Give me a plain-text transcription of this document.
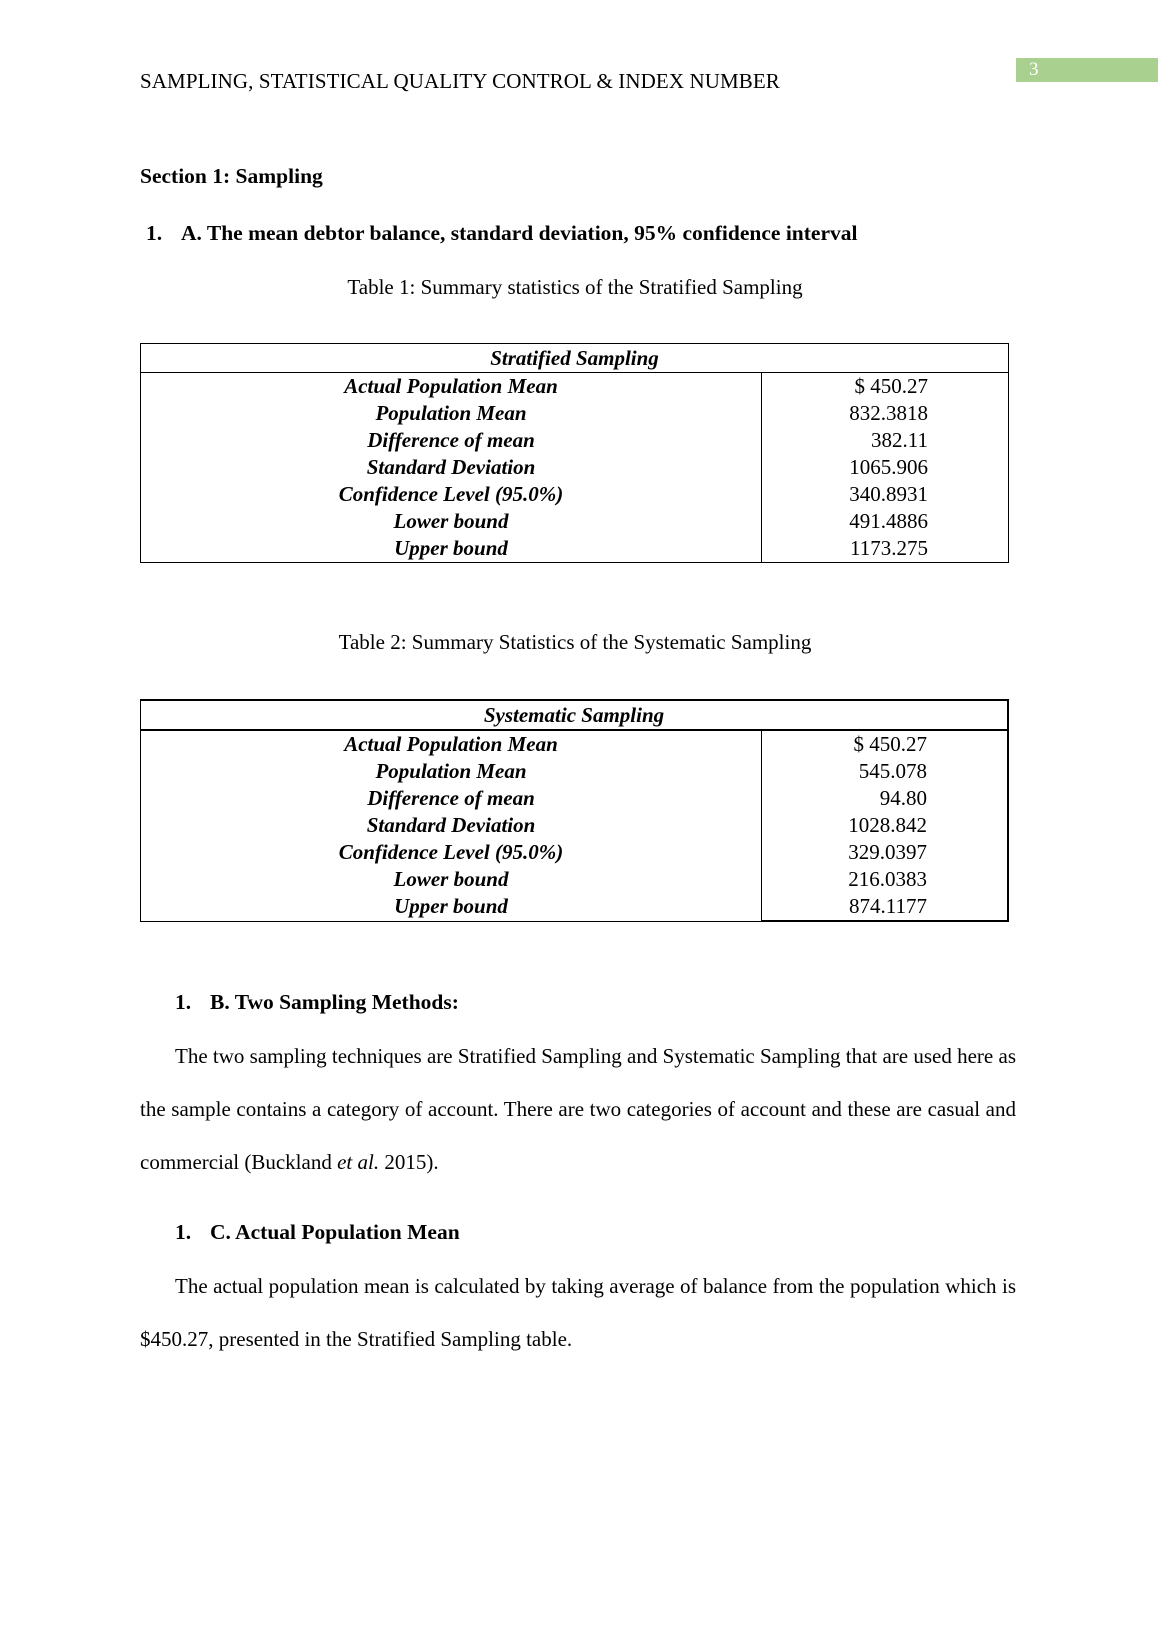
3
SAMPLING, STATISTICAL QUALITY CONTROL & INDEX NUMBER
Section 1: Sampling
1. A. The mean debtor balance, standard deviation, 95% confidence interval
Table 1: Summary statistics of the Stratified Sampling
Stratified Sampling	
Actual Population Mean	$ 450.27
Population Mean	832.3818
Difference of mean	382.11
Standard Deviation	1065.906
Confidence Level (95.0%)	340.8931
Lower bound	491.4886
Upper bound	1173.275
Table 2: Summary Statistics of the Systematic Sampling
Systematic Sampling	
Actual Population Mean	$ 450.27
Population Mean	545.078
Difference of mean	94.80
Standard Deviation	1028.842
Confidence Level (95.0%)	329.0397
Lower bound	216.0383
Upper bound	874.1177
1. B. Two Sampling Methods:

The two sampling techniques are Stratified Sampling and Systematic Sampling that are used here as the sample contains a category of account. There are two categories of account and these are casual and commercial (Buckland et al. 2015).

1. C. Actual Population Mean

The actual population mean is calculated by taking average of balance from the population which is $450.27, presented in the Stratified Sampling table.
